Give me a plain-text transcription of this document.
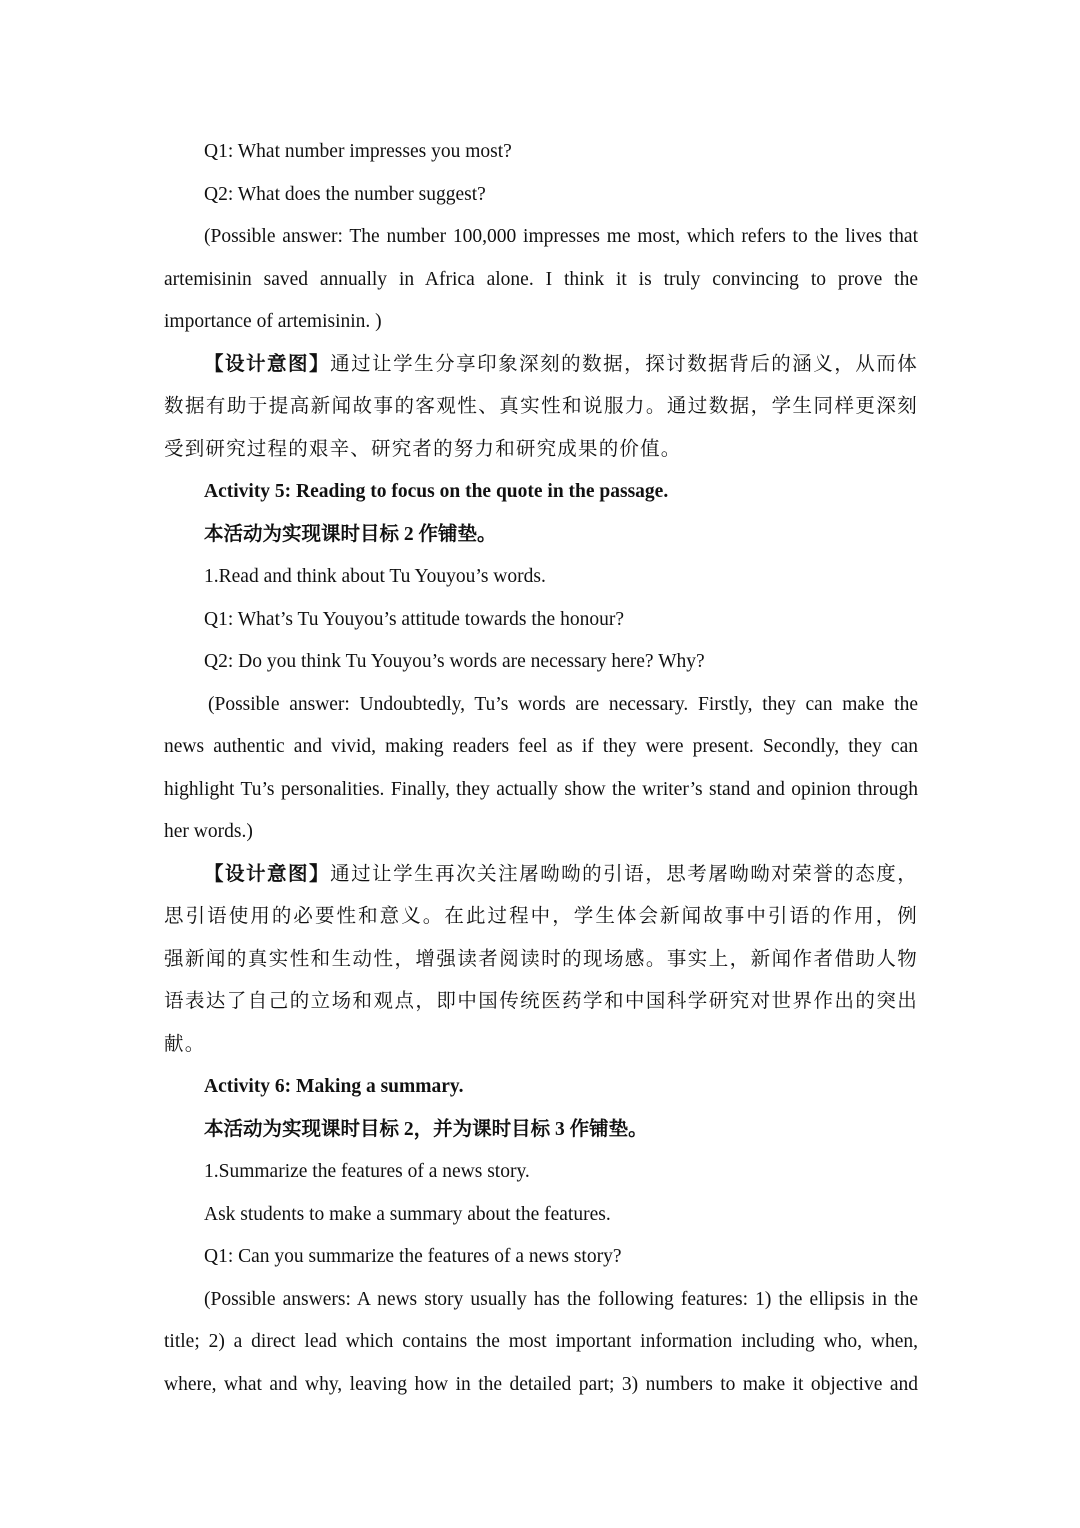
Q1: What number impresses you most?
Q2: What does the number suggest?
(Possible answer: The number 100,000 impresses me most, which refers to the lives that
artemisinin saved annually in Africa alone. I think it is truly convincing to prove the
importance of artemisinin. )
【设计意图】通过让学生分享印象深刻的数据，探讨数据背后的涵义，从而体
数据有助于提高新闻故事的客观性、真实性和说服力。通过数据，学生同样更深刻
受到研究过程的艰辛、研究者的努力和研究成果的价值。
Activity 5: Reading to focus on the quote in the passage.
本活动为实现课时目标 2 作铺垫。
1.Read and think about Tu Youyou’s words.
Q1: What’s Tu Youyou’s attitude towards the honour?
Q2: Do you think Tu Youyou’s words are necessary here? Why?
(Possible answer: Undoubtedly, Tu’s words are necessary. Firstly, they can make the
news authentic and vivid, making readers feel as if they were present. Secondly, they can
highlight Tu’s personalities. Finally, they actually show the writer’s stand and opinion through
her words.)
【设计意图】通过让学生再次关注屠呦呦的引语，思考屠呦呦对荣誉的态度，
思引语使用的必要性和意义。在此过程中，学生体会新闻故事中引语的作用，例
强新闻的真实性和生动性，增强读者阅读时的现场感。事实上，新闻作者借助人物
语表达了自己的立场和观点，即中国传统医药学和中国科学研究对世界作出的突出
献。
Activity 6: Making a summary.
本活动为实现课时目标 2，并为课时目标 3 作铺垫。
1.Summarize the features of a news story.
Ask students to make a summary about the features.
Q1: Can you summarize the features of a news story?
(Possible answers: A news story usually has the following features: 1) the ellipsis in the
title; 2) a direct lead which contains the most important information including who, when,
where, what and why, leaving how in the detailed part; 3) numbers to make it objective and
